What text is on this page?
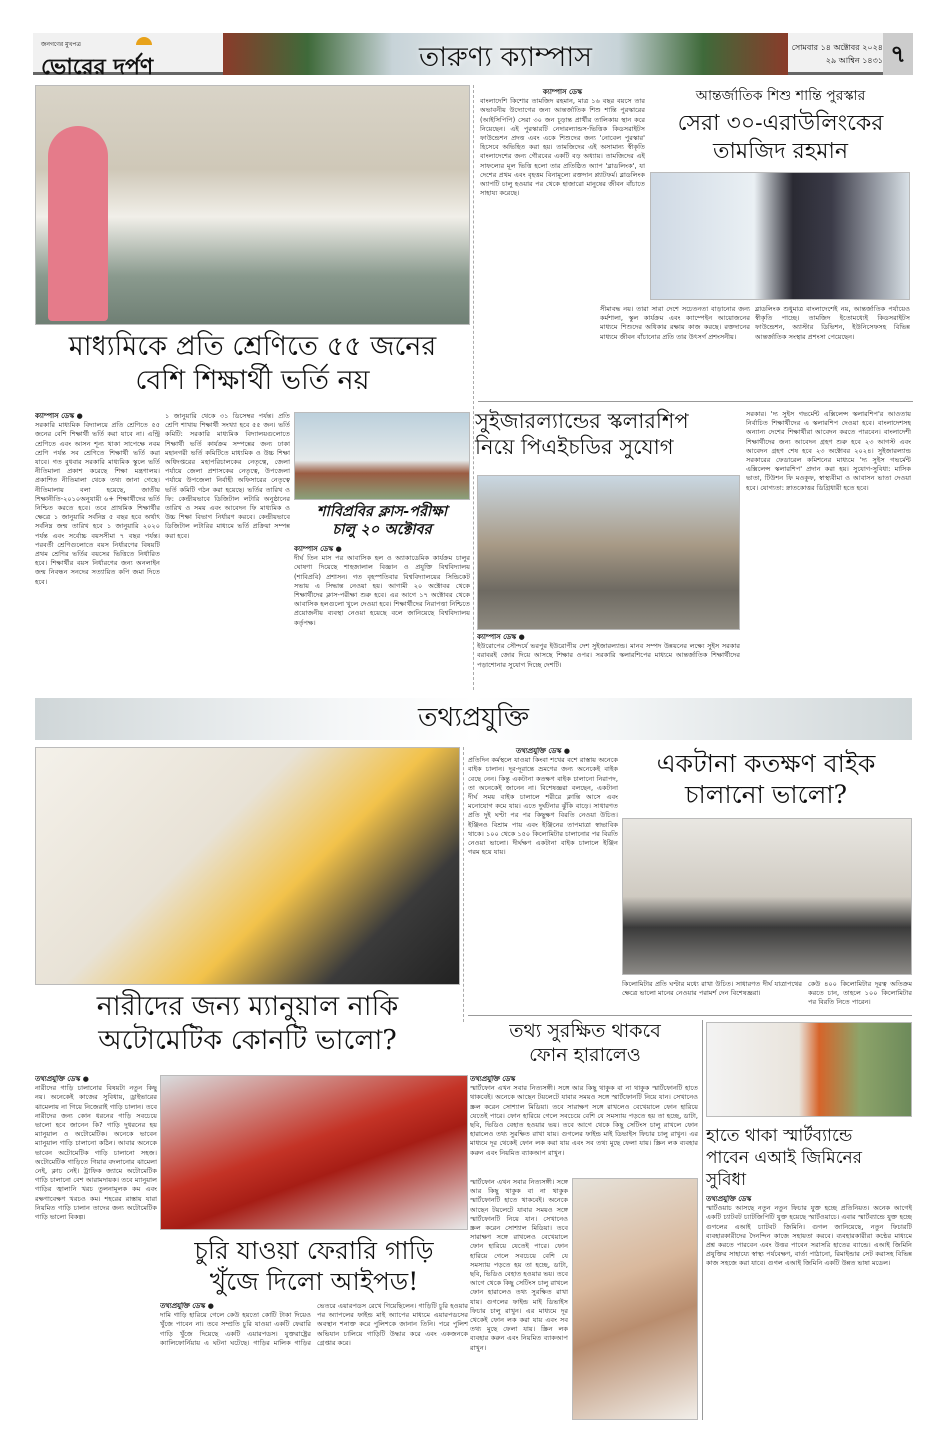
জনগণের মুখপত্র
ভোরের দর্পণ	তারুণ্য ক্যাম্পাস	সোমবার ১৪ অক্টোবর ২০২৪
২৯ আশ্বিন ১৪৩১ ৭
মাধ্যমিকে প্রতি শ্রেণিতে ৫৫ জনের
বেশি শিক্ষার্থী ভর্তি নয়
ক্যাম্পাস ডেস্ক ●
সরকারি মাধ্যমিক বিদ্যালয়ে প্রতি শ্রেণিতে ৫৫ জনের বেশি শিক্ষার্থী ভর্তি করা যাবে না। এন্ট্রি শ্রেণিতে এবং আসন শূন্য থাকা সাপেক্ষে নবম শ্রেণি পর্যন্ত সব শ্রেণিতে শিক্ষার্থী ভর্তি করা যাবে। গত বুধবার সরকারি মাধ্যমিক স্কুলে ভর্তি নীতিমালা প্রকাশ করেছে শিক্ষা মন্ত্রণালয়। প্রকাশিত নীতিমালা থেকে তথ্য জানা গেছে। নীতিমালায় বলা হয়েছে, জাতীয় শিক্ষানীতি-২০১০অনুযায়ী ৬+ শিক্ষার্থীদের ভর্তি নিশ্চিত করতে হবে। তবে প্রাথমিক শিক্ষার্থীর ক্ষেত্রে ১ জানুয়ারি সর্বনিম্ন ৫ বছর হবে অর্থাৎ সর্বনিম্ন জন্ম তারিখ হবে ১ জানুয়ারি ২০২০ পর্যন্ত এবং সর্বোচ্চ বয়সসীমা ৭ বছর পর্যন্ত। পরবর্তী শ্রেণিগুলোতে বয়স নির্ধারণের বিষয়টি প্রথম শ্রেণির ভর্তির বয়সের ভিত্তিতে নির্ধারিত হবে। শিক্ষার্থীর বয়স নির্ধারণের জন্য অনলাইন জন্ম নিবন্ধন সনদের সত্যায়িত কপি জমা দিতে হবে।
১ জানুয়ারি থেকে ৩১ ডিসেম্বর পর্যন্ত। প্রতি শ্রেণি শাখায় শিক্ষার্থী সংখ্যা হবে ৫৫ জন। ভর্তি কমিটি: সরকারি মাধ্যমিক বিদ্যালয়গুলোতে শিক্ষার্থী ভর্তি কার্যক্রম সম্পন্নের জন্য ঢাকা মহানগরী ভর্তি কমিটিতে মাধ্যমিক ও উচ্চ শিক্ষা অধিদপ্তরের মহাপরিচালকের নেতৃত্বে, জেলা পর্যায়ে জেলা প্রশাসকের নেতৃত্বে, উপজেলা পর্যায়ে উপজেলা নির্বাহী অফিসারের নেতৃত্বে ভর্তি কমিটি গঠন করা হয়েছে। ভর্তির তারিখ ও ফি: কেন্দ্রীয়ভাবে ডিজিটাল লটারি অনুষ্ঠানের তারিখ ও সময় এবং আবেদন ফি মাধ্যমিক ও উচ্চ শিক্ষা বিভাগ নির্ধারণ করবে। কেন্দ্রীয়ভাবে ডিজিটাল লটারির মাধ্যমে ভর্তি প্রক্রিয়া সম্পন্ন করা হবে।
শাবিপ্রবির ক্লাস-পরীক্ষা
চালু ২০ অক্টোবর
ক্যাম্পাস ডেস্ক ●
দীর্ঘ তিন মাস পর আবাসিক হল ও অ্যাকাডেমিক কার্যক্রম চালুর ঘোষণা দিয়েছে শাহজালাল বিজ্ঞান ও প্রযুক্তি বিশ্ববিদ্যালয় (শাবিপ্রবি) প্রশাসন। গত বৃহস্পতিবার বিশ্ববিদ্যালয়ের সিন্ডিকেট সভায় এ সিদ্ধান্ত নেওয়া হয়। আগামী ২০ অক্টোবর থেকে শিক্ষার্থীদের ক্লাস-পরীক্ষা শুরু হবে। এর আগে ১৭ অক্টোবর থেকে আবাসিক হলগুলো খুলে দেওয়া হবে। শিক্ষার্থীদের নিরাপত্তা নিশ্চিতে প্রয়োজনীয় ব্যবস্থা নেওয়া হয়েছে বলে জানিয়েছে বিশ্ববিদ্যালয় কর্তৃপক্ষ।
ক্যাম্পাস ডেস্ক
বাংলাদেশি কিশোর তামজিদ রহমান, মাত্র ১৬ বছর বয়সে তার অভাবনীয় উদ্যোগের জন্য আন্তর্জাতিক শিশু শান্তি পুরস্কারের (আইসিপিপি) সেরা ৩০ জন চূড়ান্ত প্রার্থীর তালিকায় স্থান করে নিয়েছেন। এই পুরস্কারটি নেদারল্যান্ডস-ভিত্তিক কিডসরাইটস ফাউন্ডেশন প্রদত্ত এবং একে শিশুদের জন্য 'নোবেল পুরস্কার' হিসেবে অভিহিত করা হয়। তামজিদের এই অসামান্য স্বীকৃতি বাংলাদেশের জন্য গৌরবের একটি বড় অধ্যায়। তামজিদের এই সাফল্যের মূল ভিত্তি হলো তার প্রতিষ্ঠিত অ্যাপ 'ব্লাডলিংক', যা দেশের প্রথম এবং বৃহত্তম বিনামূল্যে রক্তদান প্ল্যাটফর্ম। ব্লাডলিংক অ্যাপটি চালু হওয়ার পর থেকে হাজারো মানুষের জীবন বাঁচাতে সাহায্য করেছে।
আন্তর্জাতিক শিশু শান্তি পুরস্কার
সেরা ৩০-এরাউলিংকের
তামজিদ রহমান
সীমাবদ্ধ নয়। তারা সারা দেশে সচেতনতা বাড়ানোর জন্য কর্মশালা, স্কুল কার্যক্রম এবং ক্যাম্পেইন আয়োজনের মাধ্যমে শিশুদের অধিকার রক্ষায় কাজ করছে। রক্তদানের মাধ্যমে জীবন বাঁচানোর প্রতি তার উৎসর্গ প্রশংসনীয়।
ব্লাডলিংক শুধুমাত্র বাংলাদেশেই নয়, আন্তর্জাতিক পর্যায়েও স্বীকৃতি পাচ্ছে। তামজিদ ইতোমধ্যেই কিডসরাইটস ফাউন্ডেশন, অ্যাস্টার ডিভিশন, ইউনিসেফসহ বিভিন্ন আন্তর্জাতিক সংস্থার প্রশংসা পেয়েছেন।
সুইজারল্যান্ডের স্কলারশিপ
নিয়ে পিএইচডির সুযোগ
ক্যাম্পাস ডেস্ক ●
ইউরোপের সৌন্দর্যে ভরপুর ইউরোপীয় দেশ সুইজারল্যান্ড। মানব সম্পদ উন্নয়নের লক্ষ্যে সুইস সরকার বরাবরই জোর দিয়ে আসছে শিক্ষার ওপর। সরকারি স্কলারশিপের মাধ্যমে আন্তর্জাতিক শিক্ষার্থীদের পড়াশোনার সুযোগ দিচ্ছে দেশটি।
সরকার। 'দ্য সুইস গভর্মেন্ট এক্সিলেন্স স্কলারশিপ'র আওতায় নির্বাচিত শিক্ষার্থীদের এ স্কলারশিপ দেওয়া হবে। বাংলাদেশসহ অন্যান্য দেশের শিক্ষার্থীরা আবেদন করতে পারবেন। বাংলাদেশী শিক্ষার্থীদের জন্য আবেদন গ্রহণ শুরু হবে ২৩ আগস্ট এবং আবেদন গ্রহণ শেষ হবে ২৩ অক্টোবর ২০২৪। সুইজারল্যান্ড সরকারের ফেডারেল কমিশনের মাধ্যমে 'দ্য সুইস গভর্মেন্ট এক্সিলেন্স স্কলারশিপ' প্রদান করা হয়। সুযোগ-সুবিধা: মাসিক ভাতা, টিউশন ফি মওকুফ, স্বাস্থ্যবীমা ও আবাসন ভাতা দেওয়া হবে। যোগ্যতা: স্নাতকোত্তর ডিগ্রিধারী হতে হবে।
তথ্যপ্রযুক্তি
নারীদের জন্য ম্যানুয়াল নাকি
অটোমেটিক কোনটি ভালো?
তথ্যপ্রযুক্তি ডেস্ক ●
নারীদের গাড়ি চালানোর বিষয়টা নতুন কিছু নয়। অনেকেই কাজের সুবিধায়, ড্রাইভারের ঝামেলায় না গিয়ে নিজেরাই গাড়ি চালান। তবে নারীদের জন্য কোন ধরনের গাড়ি সবচেয়ে ভালো হবে জানেন কি? গাড়ি দুধরনের হয় ম্যানুয়াল ও অটোমেটিক। অনেকে ভাবেন ম্যানুয়াল গাড়ি চালানো কঠিন। আবার অনেকে ভাবেন অটোমেটিক গাড়ি চালানো সহজ। অটোমেটিক গাড়িতে গিয়ার বদলানোর ঝামেলা নেই, ক্লাচ নেই। ট্রাফিক জ্যামে অটোমেটিক গাড়ি চালানো বেশ আরামদায়ক। তবে ম্যানুয়াল গাড়ির জ্বালানি খরচ তুলনামূলক কম এবং রক্ষণাবেক্ষণ খরচও কম। শহরের রাস্তায় যারা নিয়মিত গাড়ি চালান তাদের জন্য অটোমেটিক গাড়ি ভালো বিকল্প।
চুরি যাওয়া ফেরারি গাড়ি
খুঁজে দিলো আইপড!
তথ্যপ্রযুক্তি ডেস্ক ●
দামি গাড়ি হারিয়ে গেলে কেউ হয়তো কোটি টাকা দিয়েও খুঁজে পাবেন না। তবে সম্প্রতি চুরি যাওয়া একটি ফেরারি গাড়ি খুঁজে দিয়েছে একটি এয়ারপডস। যুক্তরাষ্ট্রের ক্যালিফোর্নিয়ায় এ ঘটনা ঘটেছে। গাড়ির মালিক গাড়ির ভেতরে এয়ারপডস রেখে গিয়েছিলেন। গাড়িটি চুরি হওয়ার পর অ্যাপলের ফাইন্ড মাই অ্যাপের মাধ্যমে এয়ারপডসের অবস্থান শনাক্ত করে পুলিশকে জানান তিনি। পরে পুলিশ অভিযান চালিয়ে গাড়িটি উদ্ধার করে এবং একজনকে গ্রেপ্তার করে।
তথ্যপ্রযুক্তি ডেস্ক ●
প্রতিদিন কর্মস্থলে যাওয়া কিংবা শখের বশে রাস্তায় অনেকে বাইক চালান। দূর-দূরান্তে ভ্রমণের জন্য অনেকেই বাইক বেছে নেন। কিন্তু একটানা কতক্ষণ বাইক চালানো নিরাপদ, তা অনেকেই জানেন না। বিশেষজ্ঞরা বলছেন, একটানা দীর্ঘ সময় বাইক চালালে শরীরে ক্লান্তি আসে এবং মনোযোগ কমে যায়। এতে দুর্ঘটনার ঝুঁকি বাড়ে। সাধারণত প্রতি দুই ঘণ্টা পর পর কিছুক্ষণ বিরতি নেওয়া উচিত। ইঞ্জিনও বিশ্রাম পায় এবং ইঞ্জিনের তাপমাত্রা স্বাভাবিক থাকে। ১০০ থেকে ১৫০ কিলোমিটার চালানোর পর বিরতি নেওয়া ভালো। দীর্ঘক্ষণ একটানা বাইক চালালে ইঞ্জিন গরম হয়ে যায়।
একটানা কতক্ষণ বাইক
চালানো ভালো?
কিলোমিটার প্রতি ঘণ্টার মধ্যে রাখা উচিত। সাধারণত দীর্ঘ যাত্রাপথের ক্ষেত্রে ভালো মানের নেওয়ার পরামর্শ দেন বিশেষজ্ঞরা।
কেউ ৪০০ কিলোমিটার দূরত্ব অতিক্রম করতে চান, তাহলে ১০০ কিলোমিটার পর বিরতি নিতে পারেন।
তথ্য সুরক্ষিত থাকবে
ফোন হারালেও
তথ্যপ্রযুক্তি ডেস্ক
স্মার্টফোন এখন সবার নিত্যসঙ্গী। সঙ্গে আর কিছু থাকুক বা না থাকুক স্মার্টফোনটি হাতে থাকবেই। অনেকে আছেন টয়লেটে যাবার সময়ও সঙ্গে স্মার্টফোনটি নিয়ে যান। সেখানেও স্ক্রল করেন সোশ্যাল মিডিয়া। তবে সারাক্ষণ সঙ্গে রাখলেও বেখেয়ালে ফোন হারিয়ে যেতেই পারে। ফোন হারিয়ে গেলে সবচেয়ে বেশি যে সমস্যায় পড়তে হয় তা হচ্ছে, ডাটা, ছবি, ভিডিও বেহাত হওয়ার ভয়। তবে আগে থেকে কিছু সেটিংস চালু রাখলে ফোন হারালেও তথ্য সুরক্ষিত রাখা যায়। গুগলের ফাইন্ড মাই ডিভাইস ফিচার চালু রাখুন। এর মাধ্যমে দূর থেকেই ফোন লক করা যায় এবং সব তথ্য মুছে ফেলা যায়। স্ক্রিন লক ব্যবহার করুন এবং নিয়মিত ব্যাকআপ রাখুন।
স্মার্টফোন এখন সবার নিত্যসঙ্গী। সঙ্গে আর কিছু থাকুক বা না থাকুক স্মার্টফোনটি হাতে থাকবেই। অনেকে আছেন টয়লেটে যাবার সময়ও সঙ্গে স্মার্টফোনটি নিয়ে যান। সেখানেও স্ক্রল করেন সোশ্যাল মিডিয়া। তবে সারাক্ষণ সঙ্গে রাখলেও বেখেয়ালে ফোন হারিয়ে যেতেই পারে। ফোন হারিয়ে গেলে সবচেয়ে বেশি যে সমস্যায় পড়তে হয় তা হচ্ছে, ডাটা, ছবি, ভিডিও বেহাত হওয়ার ভয়। তবে আগে থেকে কিছু সেটিংস চালু রাখলে ফোন হারালেও তথ্য সুরক্ষিত রাখা যায়। গুগলের ফাইন্ড মাই ডিভাইস ফিচার চালু রাখুন। এর মাধ্যমে দূর থেকেই ফোন লক করা যায় এবং সব তথ্য মুছে ফেলা যায়। স্ক্রিন লক ব্যবহার করুন এবং নিয়মিত ব্যাকআপ রাখুন।
হাতে থাকা স্মার্টব্যান্ডে
পাবেন এআই জিমিনের
সুবিধা
তথ্যপ্রযুক্তি ডেস্ক
স্মার্টওয়াচ আসছে নতুন নতুন ফিচার যুক্ত হচ্ছে প্রতিনিয়ত। অনেক আগেই একটি চ্যাটবট চ্যাটজিপিটি যুক্ত হয়েছে স্মার্টওয়াচে। এবার স্মার্টব্যান্ডে যুক্ত হচ্ছে গুগলের এআই চ্যাটবট জিমিনি। গুগল জানিয়েছে, নতুন ফিচারটি ব্যবহারকারীদের দৈনন্দিন কাজে সহায়তা করবে। ব্যবহারকারীরা কণ্ঠের মাধ্যমে প্রশ্ন করতে পারবেন এবং উত্তর পাবেন সরাসরি হাতের ব্যান্ডে। এআই জিমিনি প্রযুক্তির সাহায্যে স্বাস্থ্য পর্যবেক্ষণ, বার্তা পাঠানো, রিমাইন্ডার সেট করাসহ বিভিন্ন কাজ সহজে করা যাবে। গুগল এআই জিমিনি একটি উন্নত ভাষা মডেল।
